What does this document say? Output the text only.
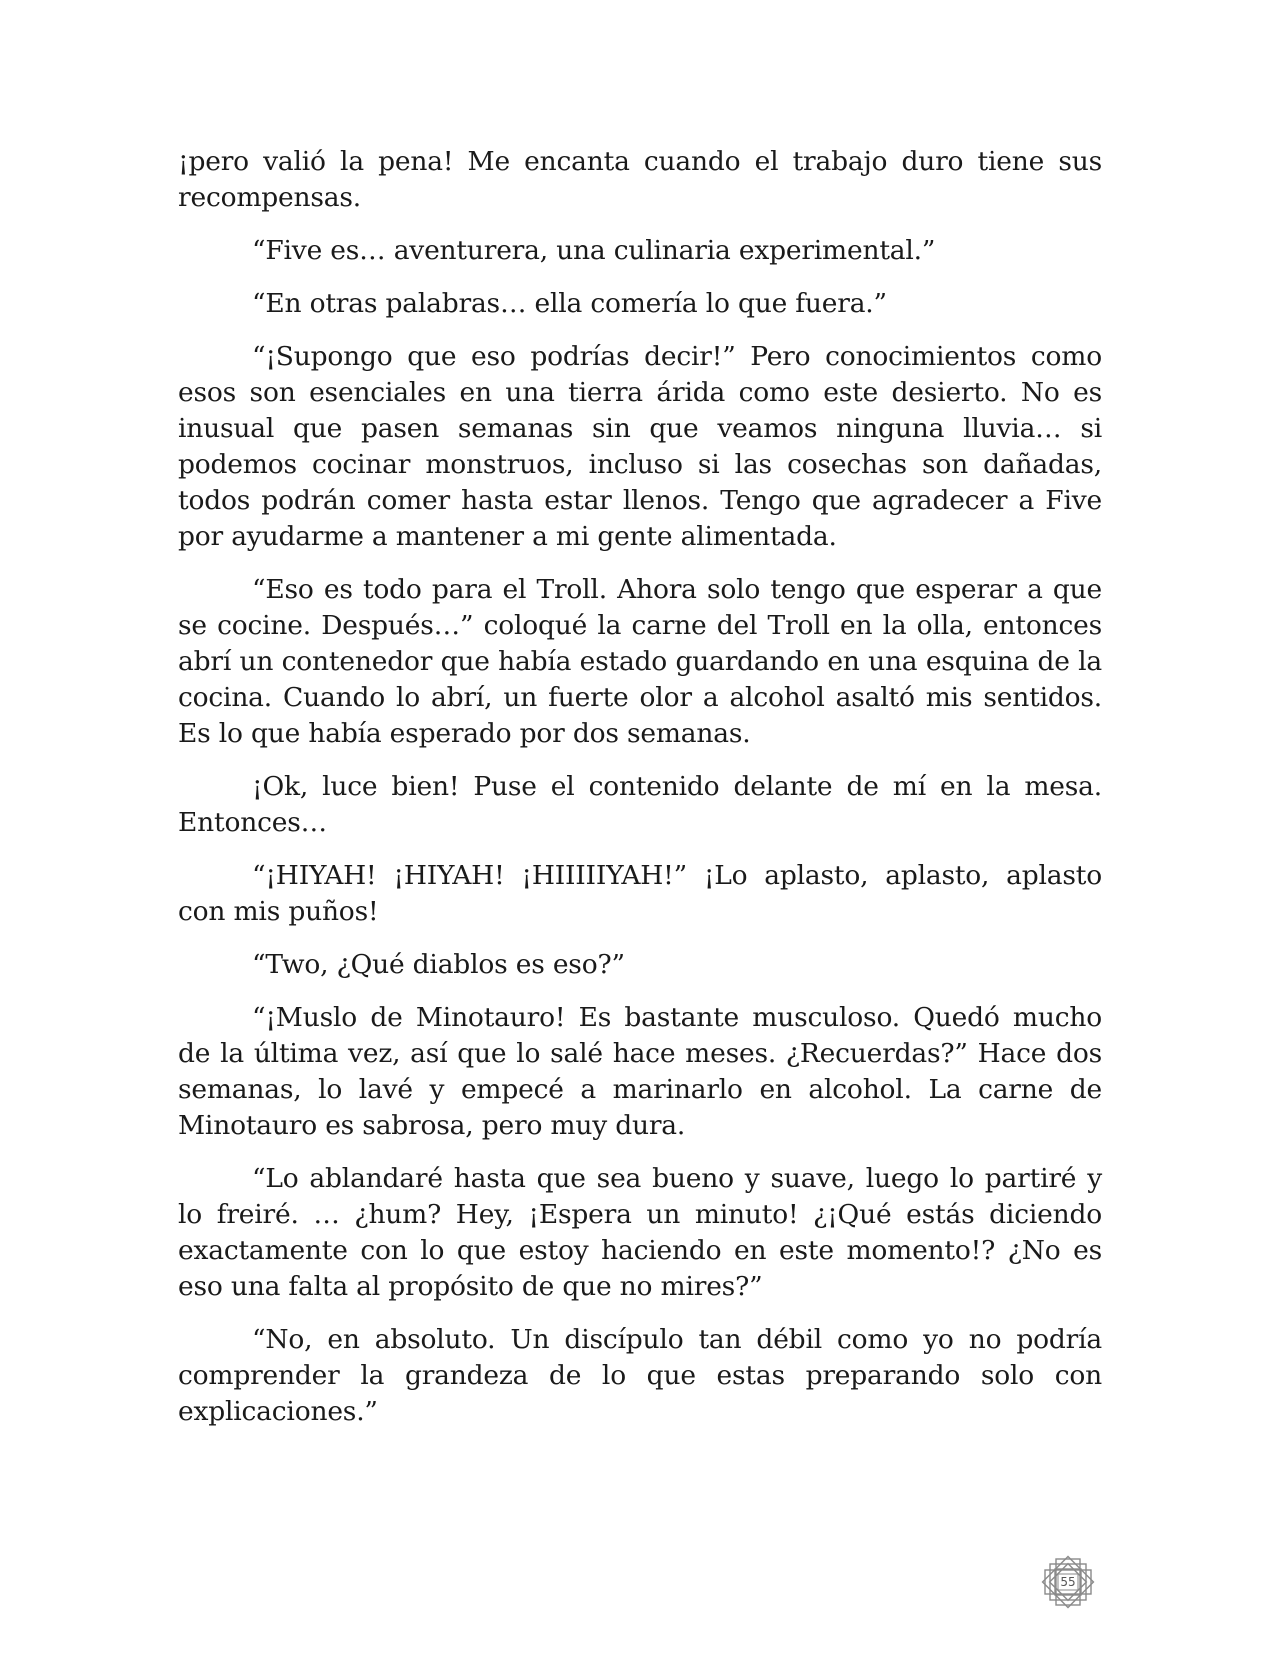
¡pero valió la pena! Me encanta cuando el trabajo duro tiene sus recompensas.

“Five es… aventurera, una culinaria experimental.”

“En otras palabras… ella comería lo que fuera.”

“¡Supongo que eso podrías decir!” Pero conocimientos como esos son esenciales en una tierra árida como este desierto. No es inusual que pasen semanas sin que veamos ninguna lluvia… si podemos cocinar monstruos, incluso si las cosechas son dañadas, todos podrán comer hasta estar llenos. Tengo que agradecer a Five por ayudarme a mantener a mi gente alimentada.

“Eso es todo para el Troll. Ahora solo tengo que esperar a que se cocine. Después…” coloqué la carne del Troll en la olla, entonces abrí un contenedor que había estado guardando en una esquina de la cocina. Cuando lo abrí, un fuerte olor a alcohol asaltó mis sentidos. Es lo que había esperado por dos semanas.

¡Ok, luce bien! Puse el contenido delante de mí en la mesa. Entonces…

“¡HIYAH! ¡HIYAH! ¡HIIIIIYAH!” ¡Lo aplasto, aplasto, aplasto con mis puños!

“Two, ¿Qué diablos es eso?”

“¡Muslo de Minotauro! Es bastante musculoso. Quedó mucho de la última vez, así que lo salé hace meses. ¿Recuerdas?” Hace dos semanas, lo lavé y empecé a marinarlo en alcohol. La carne de Minotauro es sabrosa, pero muy dura.

“Lo ablandaré hasta que sea bueno y suave, luego lo partiré y lo freiré. … ¿hum? Hey, ¡Espera un minuto! ¿¡Qué estás diciendo exactamente con lo que estoy haciendo en este momento!? ¿No es eso una falta al propósito de que no mires?”

“No, en absoluto. Un discípulo tan débil como yo no podría comprender la grandeza de lo que estas preparando solo con explicaciones.”

55
